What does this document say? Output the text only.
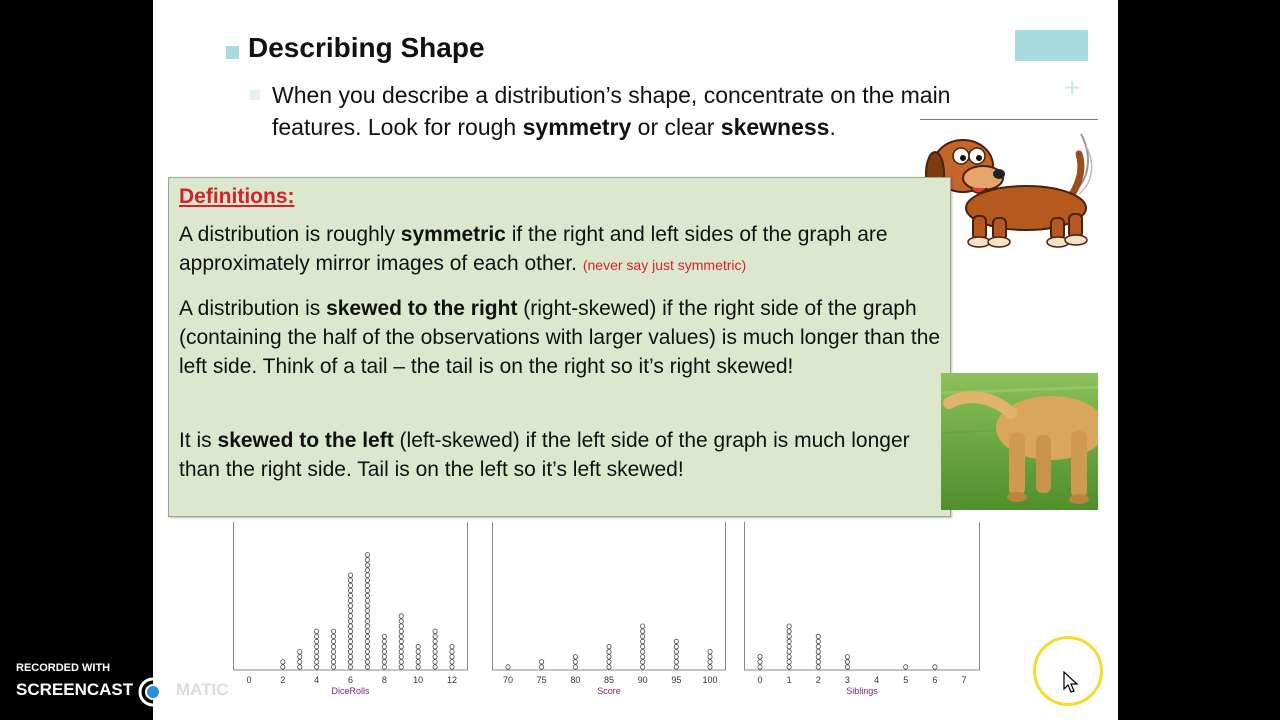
Describing Shape
When you describe a distribution’s shape, concentrate on the main features. Look for rough symmetry or clear skewness.
+
Definitions:
A distribution is roughly symmetric if the right and left sides of the graph are approximately mirror images of each other. (never say just symmetric)
A distribution is skewed to the right (right-skewed) if the right side of the graph (containing the half of the observations with larger values) is much longer than the left side. Think of a tail – the tail is on the right so it’s right skewed!
It is skewed to the left (left-skewed) if the left side of the graph is much longer than the right side. Tail is on the left so it’s left skewed!
0	2	4	6	8	10	12
DiceRolls
70	75	80	85	90	95 100
Score
0	1	2	3	4	5	6	7
Siblings
RECORDED WITH
SCREENCAST	MATIC
